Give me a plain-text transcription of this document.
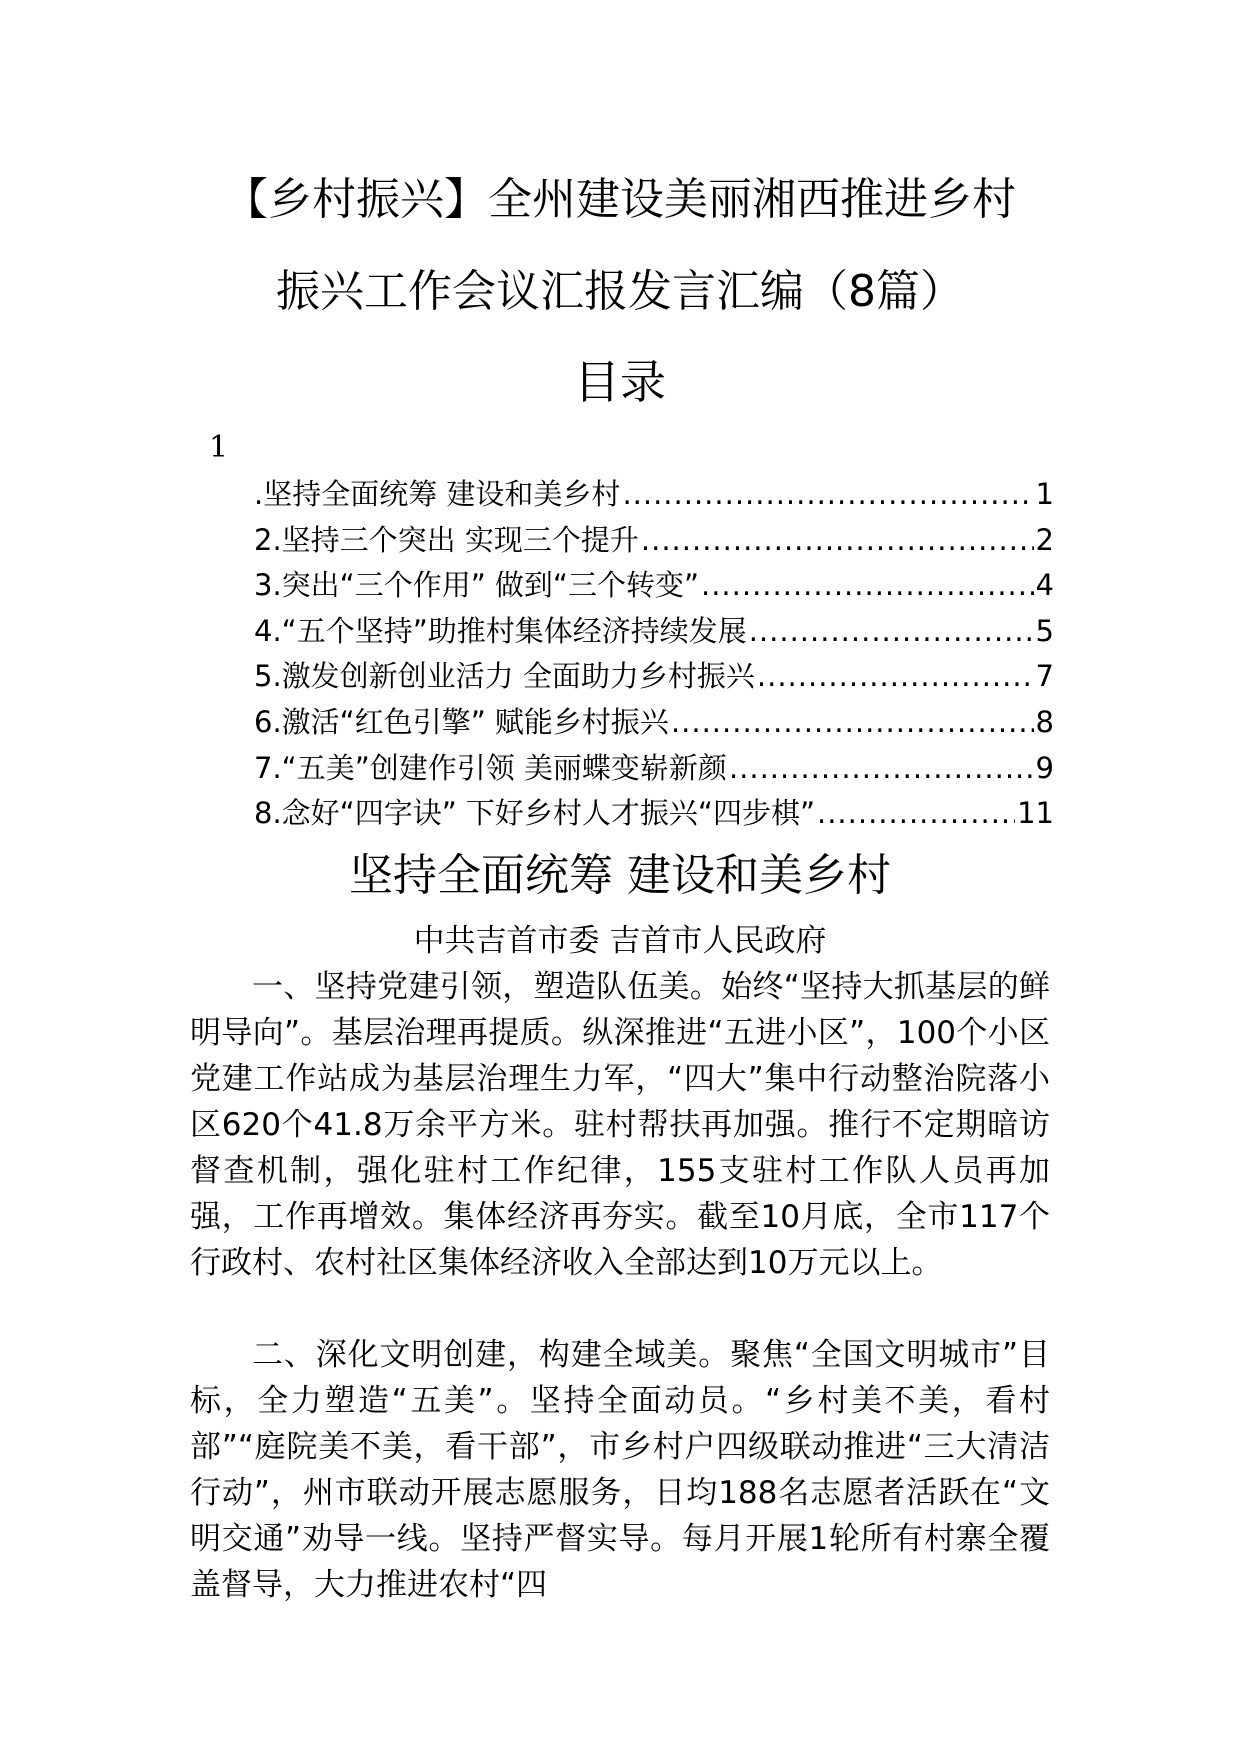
【乡村振兴】全州建设美丽湘西推进乡村
振兴工作会议汇报发言汇编（8篇）
目录
1
.坚持全面统筹 建设和美乡村 .....	1
2.坚持三个突出 实现三个提升 .....	2
3.突出“三个作用” 做到“三个转变” .....	4
4.“五个坚持”助推村集体经济持续发展 .....	5
5.激发创新创业活力 全面助力乡村振兴 .....	7
6.激活“红色引擎” 赋能乡村振兴 .....	8
7.“五美”创建作引领 美丽蝶变崭新颜 .....	9
8.念好“四字诀” 下好乡村人才振兴“四步棋” .....	11
坚持全面统筹 建设和美乡村
中共吉首市委 吉首市人民政府

一、坚持党建引领，塑造队伍美。始终“坚持大抓基层的鲜明导向”。基层治理再提质。纵深推进“五进小区”，100个小区党建工作站成为基层治理生力军，“四大”集中行动整治院落小区620个41.8万余平方米。驻村帮扶再加强。推行不定期暗访督查机制，强化驻村工作纪律，155支驻村工作队人员再加强，工作再增效。集体经济再夯实。截至10月底，全市117个行政村、农村社区集体经济收入全部达到10万元以上。

二、深化文明创建，构建全域美。聚焦“全国文明城市”目标，全力塑造“五美”。坚持全面动员。“乡村美不美，看村部”“庭院美不美，看干部”，市乡村户四级联动推进“三大清洁行动”，州市联动开展志愿服务，日均188名志愿者活跃在“文明交通”劝导一线。坚持严督实导。每月开展1轮所有村寨全覆盖督导，大力推进农村“四
